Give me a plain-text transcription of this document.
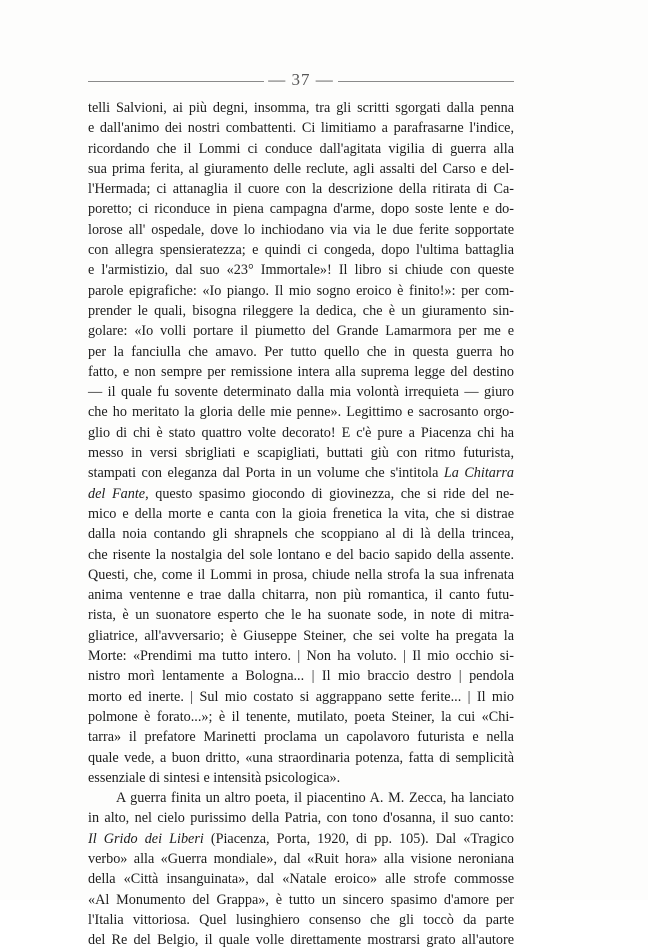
— 37 —
telli Salvioni, ai più degni, insomma, tra gli scritti sgorgati dalla penna
e dall'animo dei nostri combattenti. Ci limitiamo a parafrasarne l'indice,
ricordando che il Lommi ci conduce dall'agitata vigilia di guerra alla
sua prima ferita, al giuramento delle reclute, agli assalti del Carso e del-
l'Hermada; ci attanaglia il cuore con la descrizione della ritirata di Ca-
poretto; ci riconduce in piena campagna d'arme, dopo soste lente e do-
lorose all' ospedale, dove lo inchiodano via via le due ferite sopportate
con allegra spensieratezza; e quindi ci congeda, dopo l'ultima battaglia
e l'armistizio, dal suo «23° Immortale»! Il libro si chiude con queste
parole epigrafiche: «Io piango. Il mio sogno eroico è finito!»: per com-
prender le quali, bisogna rileggere la dedica, che è un giuramento sin-
golare: «Io volli portare il piumetto del Grande Lamarmora per me e
per la fanciulla che amavo. Per tutto quello che in questa guerra ho
fatto, e non sempre per remissione intera alla suprema legge del destino
— il quale fu sovente determinato dalla mia volontà irrequieta — giuro
che ho meritato la gloria delle mie penne». Legittimo e sacrosanto orgo-
glio di chi è stato quattro volte decorato! E c'è pure a Piacenza chi ha
messo in versi sbrigliati e scapigliati, buttati giù con ritmo futurista,
stampati con eleganza dal Porta in un volume che s'intitola La Chitarra
del Fante, questo spasimo giocondo di giovinezza, che si ride del ne-
mico e della morte e canta con la gioia frenetica la vita, che si distrae
dalla noia contando gli shrapnels che scoppiano al di là della trincea,
che risente la nostalgia del sole lontano e del bacio sapido della assente.
Questi, che, come il Lommi in prosa, chiude nella strofa la sua infrenata
anima ventenne e trae dalla chitarra, non più romantica, il canto futu-
rista, è un suonatore esperto che le ha suonate sode, in note di mitra-
gliatrice, all'avversario; è Giuseppe Steiner, che sei volte ha pregata la
Morte: «Prendimi ma tutto intero. | Non ha voluto. | Il mio occhio si-
nistro morì lentamente a Bologna... | Il mio braccio destro | pendola
morto ed inerte. | Sul mio costato si aggrappano sette ferite... | Il mio
polmone è forato...»; è il tenente, mutilato, poeta Steiner, la cui «Chi-
tarra» il prefatore Marinetti proclama un capolavoro futurista e nella
quale vede, a buon dritto, «una straordinaria potenza, fatta di semplicità
essenziale di sintesi e intensità psicologica».
A guerra finita un altro poeta, il piacentino A. M. Zecca, ha lanciato
in alto, nel cielo purissimo della Patria, con tono d'osanna, il suo canto:
Il Grido dei Liberi (Piacenza, Porta, 1920, di pp. 105). Dal «Tragico
verbo» alla «Guerra mondiale», dal «Ruit hora» alla visione neroniana
della «Città insanguinata», dal «Natale eroico» alle strofe commosse
«Al Monumento del Grappa», è tutto un sincero spasimo d'amore per
l'Italia vittoriosa. Quel lusinghiero consenso che gli toccò da parte
del Re del Belgio, il quale volle direttamente mostrarsi grato all'autore
